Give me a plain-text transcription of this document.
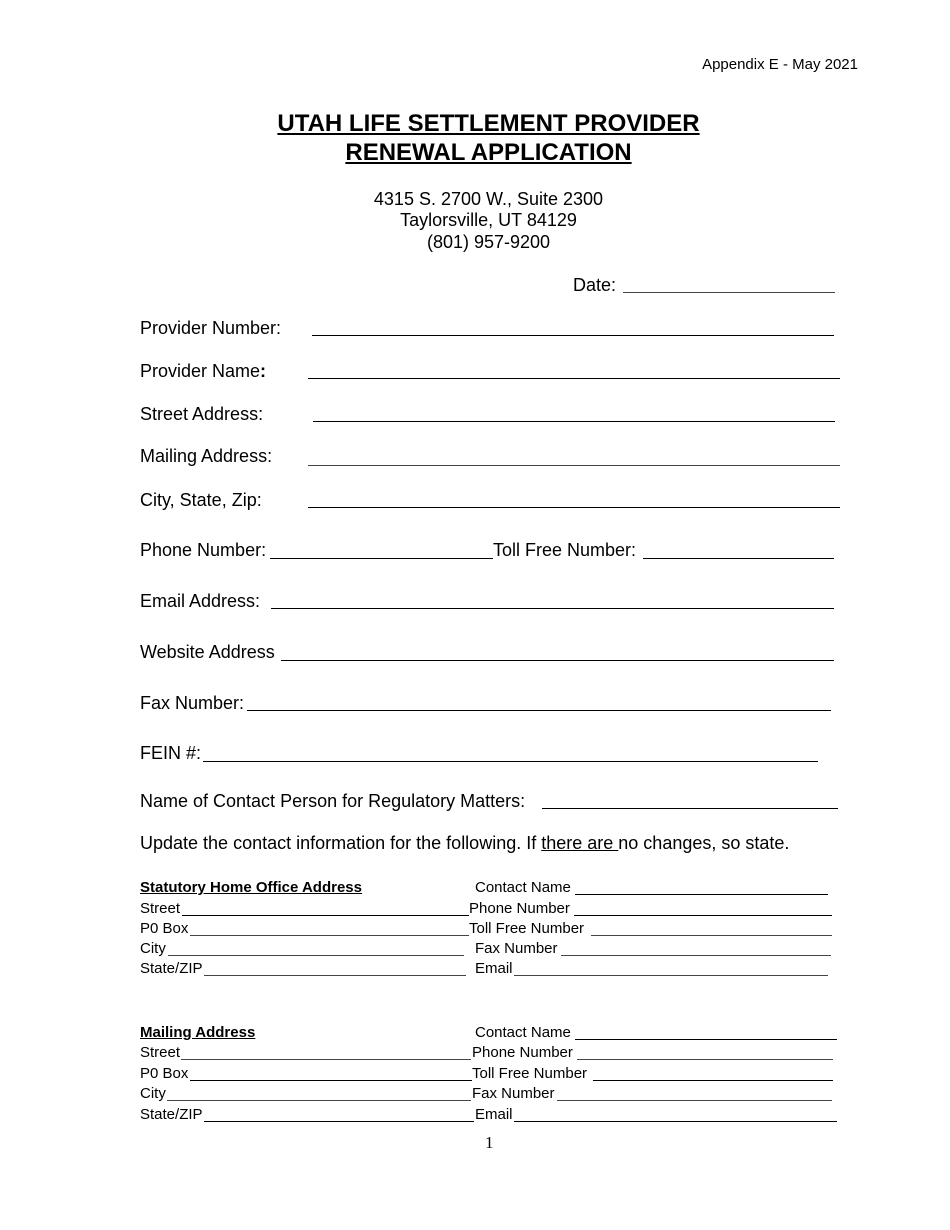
Appendix E - May 2021
UTAH LIFE SETTLEMENT PROVIDER
RENEWAL APPLICATION
4315 S. 2700 W., Suite 2300
Taylorsville, UT 84129
(801) 957-9200
Date:
Provider Number:
Provider Name:
Street Address:
Mailing Address:
City, State, Zip:
Phone Number:	Toll Free Number:
Email Address:
Website Address
Fax Number:
FEIN #:
Name of Contact Person for Regulatory Matters:
Update the contact information for the following. If there are no changes, so state.
Statutory Home Office Address	Contact Name
Street	Phone Number
P0 Box	Toll Free Number
City	Fax Number
State/ZIP	Email
Mailing Address	Contact Name
Street	Phone Number
P0 Box	Toll Free Number
City	Fax Number
State/ZIP	Email
1
